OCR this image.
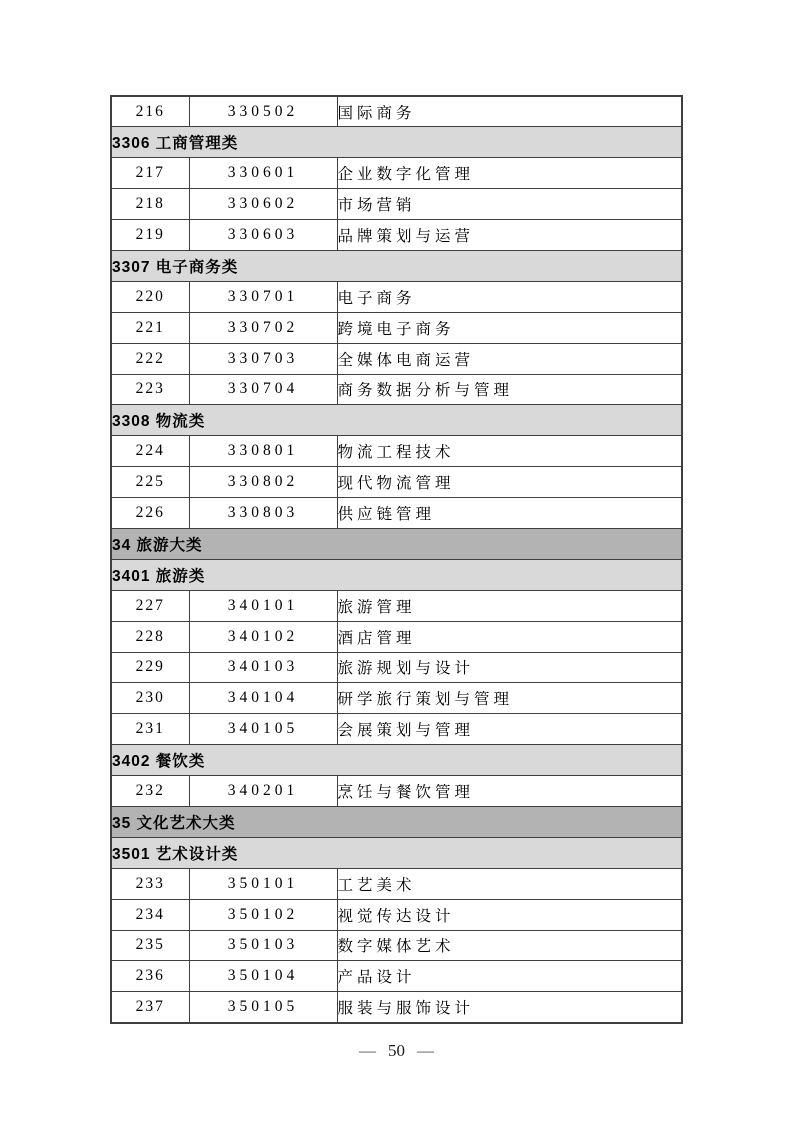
216	330502	国际商务
3306 工商管理类		
217	330601	企业数字化管理
218	330602	市场营销
219	330603	品牌策划与运营
3307 电子商务类		
220	330701	电子商务
221	330702	跨境电子商务
222	330703	全媒体电商运营
223	330704	商务数据分析与管理
3308 物流类		
224	330801	物流工程技术
225	330802	现代物流管理
226	330803	供应链管理
34 旅游大类		
3401 旅游类		
227	340101	旅游管理
228	340102	酒店管理
229	340103	旅游规划与设计
230	340104	研学旅行策划与管理
231	340105	会展策划与管理
3402 餐饮类		
232	340201	烹饪与餐饮管理
35 文化艺术大类		
3501 艺术设计类		
233	350101	工艺美术
234	350102	视觉传达设计
235	350103	数字媒体艺术
236	350104	产品设计
237	350105	服装与服饰设计
— 50 —
